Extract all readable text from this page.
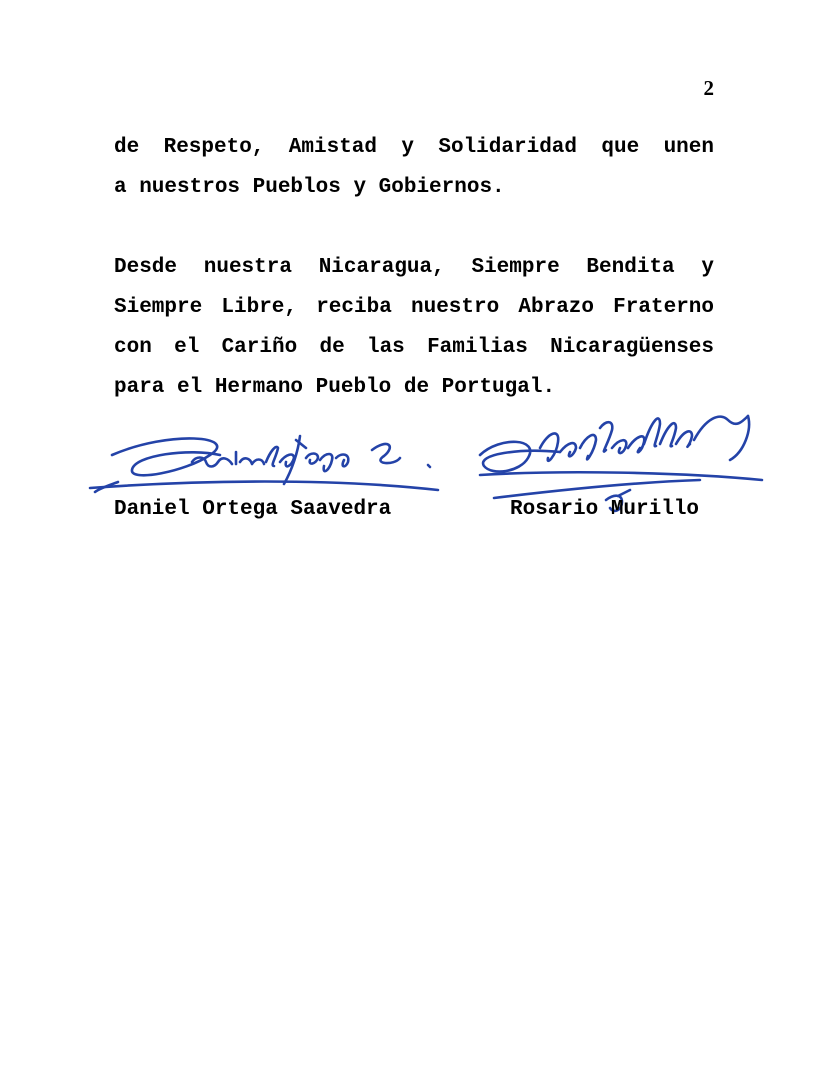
2
de Respeto, Amistad y Solidaridad que unen
a nuestros Pueblos y Gobiernos.
Desde nuestra Nicaragua, Siempre Bendita y
Siempre Libre, reciba nuestro Abrazo Fraterno
con el Cariño de las Familias Nicaragüenses
para el Hermano Pueblo de Portugal.
Daniel Ortega Saavedra	Rosario Murillo
